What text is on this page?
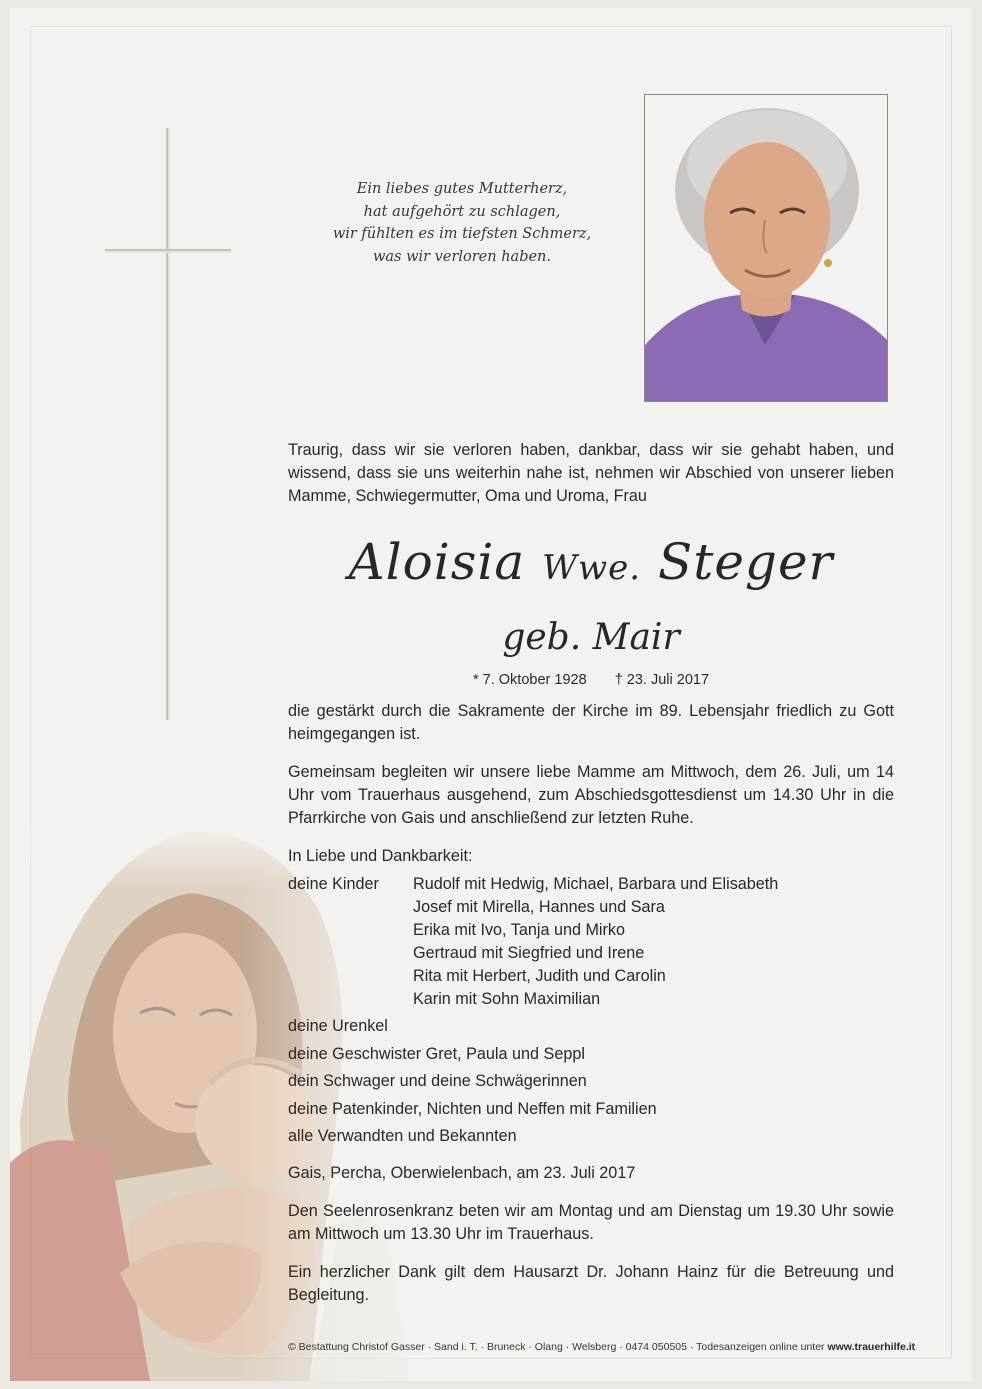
Ein liebes gutes Mutterherz,
hat aufgehört zu schlagen,
wir fühlten es im tiefsten Schmerz,
was wir verloren haben.

Traurig, dass wir sie verloren haben, dankbar, dass wir sie gehabt haben, und wissend, dass sie uns weiterhin nahe ist, nehmen wir Abschied von unserer lieben Mamme, Schwiegermutter, Oma und Uroma, Frau

Aloisia Wwe. Steger
geb. Mair
* 7. Oktober 1928 † 23. Juli 2017

die gestärkt durch die Sakramente der Kirche im 89. Lebensjahr friedlich zu Gott heimgegangen ist.

Gemeinsam begleiten wir unsere liebe Mamme am Mittwoch, dem 26. Juli, um 14 Uhr vom Trauerhaus ausgehend, zum Abschiedsgottesdienst um 14.30 Uhr in die Pfarrkirche von Gais und anschließend zur letzten Ruhe.

In Liebe und Dankbarkeit:
deine Kinder Rudolf mit Hedwig, Michael, Barbara und Elisabeth
Josef mit Mirella, Hannes und Sara
Erika mit Ivo, Tanja und Mirko
Gertraud mit Siegfried und Irene
Rita mit Herbert, Judith und Carolin
Karin mit Sohn Maximilian
deine Urenkel
deine Geschwister Gret, Paula und Seppl
dein Schwager und deine Schwägerinnen
deine Patenkinder, Nichten und Neffen mit Familien
alle Verwandten und Bekannten
Gais, Percha, Oberwielenbach, am 23. Juli 2017

Den Seelenrosenkranz beten wir am Montag und am Dienstag um 19.30 Uhr sowie am Mittwoch um 13.30 Uhr im Trauerhaus.

Ein herzlicher Dank gilt dem Hausarzt Dr. Johann Hainz für die Betreuung und Begleitung.

© Bestattung Christof Gasser · Sand i. T. · Bruneck · Olang · Welsberg · 0474 050505 · Todesanzeigen online unter www.trauerhilfe.it
